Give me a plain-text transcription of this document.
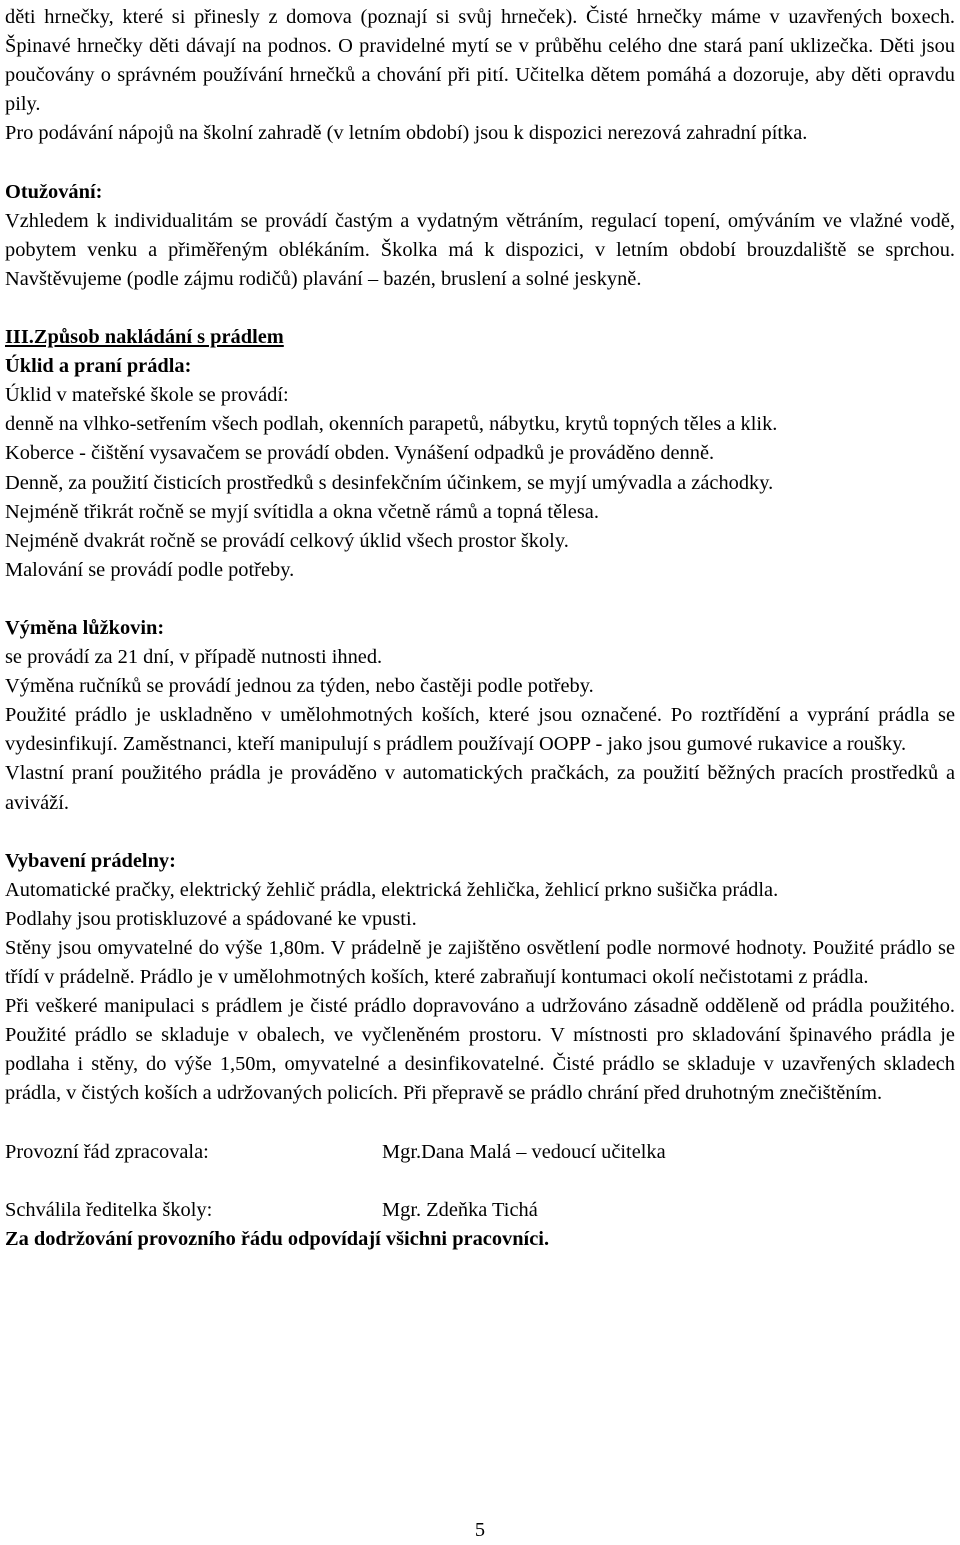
děti hrnečky, které si přinesly z domova (poznají si svůj hrneček). Čisté hrnečky máme v uzavřených boxech. Špinavé hrnečky děti dávají na podnos. O pravidelné mytí se v průběhu celého dne stará paní uklizečka. Děti jsou poučovány o správném používání hrnečků a chování při pití. Učitelka dětem pomáhá a dozoruje, aby děti opravdu pily.

Pro podávání nápojů na školní zahradě (v letním období) jsou k dispozici nerezová zahradní pítka.

Otužování:

Vzhledem k individualitám se provádí častým a vydatným větráním, regulací topení, omýváním ve vlažné vodě, pobytem venku a přiměřeným oblékáním. Školka má k dispozici, v letním období brouzdaliště se sprchou. Navštěvujeme (podle zájmu rodičů) plavání – bazén, bruslení a solné jeskyně.

III.Způsob nakládání s prádlem

Úklid a praní prádla:

Úklid v mateřské škole se provádí:

denně na vlhko-setřením všech podlah, okenních parapetů, nábytku, krytů topných těles a klik.

Koberce - čištění vysavačem se provádí obden. Vynášení odpadků je prováděno denně.

Denně, za použití čisticích prostředků s desinfekčním účinkem, se myjí umývadla a záchodky.

Nejméně třikrát ročně se myjí svítidla a okna včetně rámů a topná tělesa.

Nejméně dvakrát ročně se provádí celkový úklid všech prostor školy.

Malování se provádí podle potřeby.

Výměna lůžkovin:

se provádí za 21 dní, v případě nutnosti ihned.

Výměna ručníků se provádí jednou za týden, nebo častěji podle potřeby.

Použité prádlo je uskladněno v umělohmotných koších, které jsou označené. Po roztřídění a vyprání prádla se vydesinfikují. Zaměstnanci, kteří manipulují s prádlem používají OOPP - jako jsou gumové rukavice a roušky.

Vlastní praní použitého prádla je prováděno v automatických pračkách, za použití běžných pracích prostředků a aviváží.

Vybavení prádelny:

Automatické pračky, elektrický žehlič prádla, elektrická žehlička, žehlicí prkno sušička prádla.

Podlahy jsou protiskluzové a spádované ke vpusti.

Stěny jsou omyvatelné do výše 1,80m. V prádelně je zajištěno osvětlení podle normové hodnoty. Použité prádlo se třídí v prádelně. Prádlo je v umělohmotných koších, které zabraňují kontumaci okolí nečistotami z prádla.

Při veškeré manipulaci s prádlem je čisté prádlo dopravováno a udržováno zásadně odděleně od prádla použitého. Použité prádlo se skladuje v obalech, ve vyčleněném prostoru. V místnosti pro skladování špinavého prádla je podlaha i stěny, do výše 1,50m, omyvatelné a desinfikovatelné. Čisté prádlo se skladuje v uzavřených skladech prádla, v čistých koších a udržovaných policích. Při přepravě se prádlo chrání před druhotným znečištěním.

Provozní řád zpracovala:	Mgr.Dana Malá – vedoucí učitelka
Schválila ředitelka školy:	Mgr. Zdeňka Tichá

Za dodržování provozního řádu odpovídají všichni pracovníci.

5
